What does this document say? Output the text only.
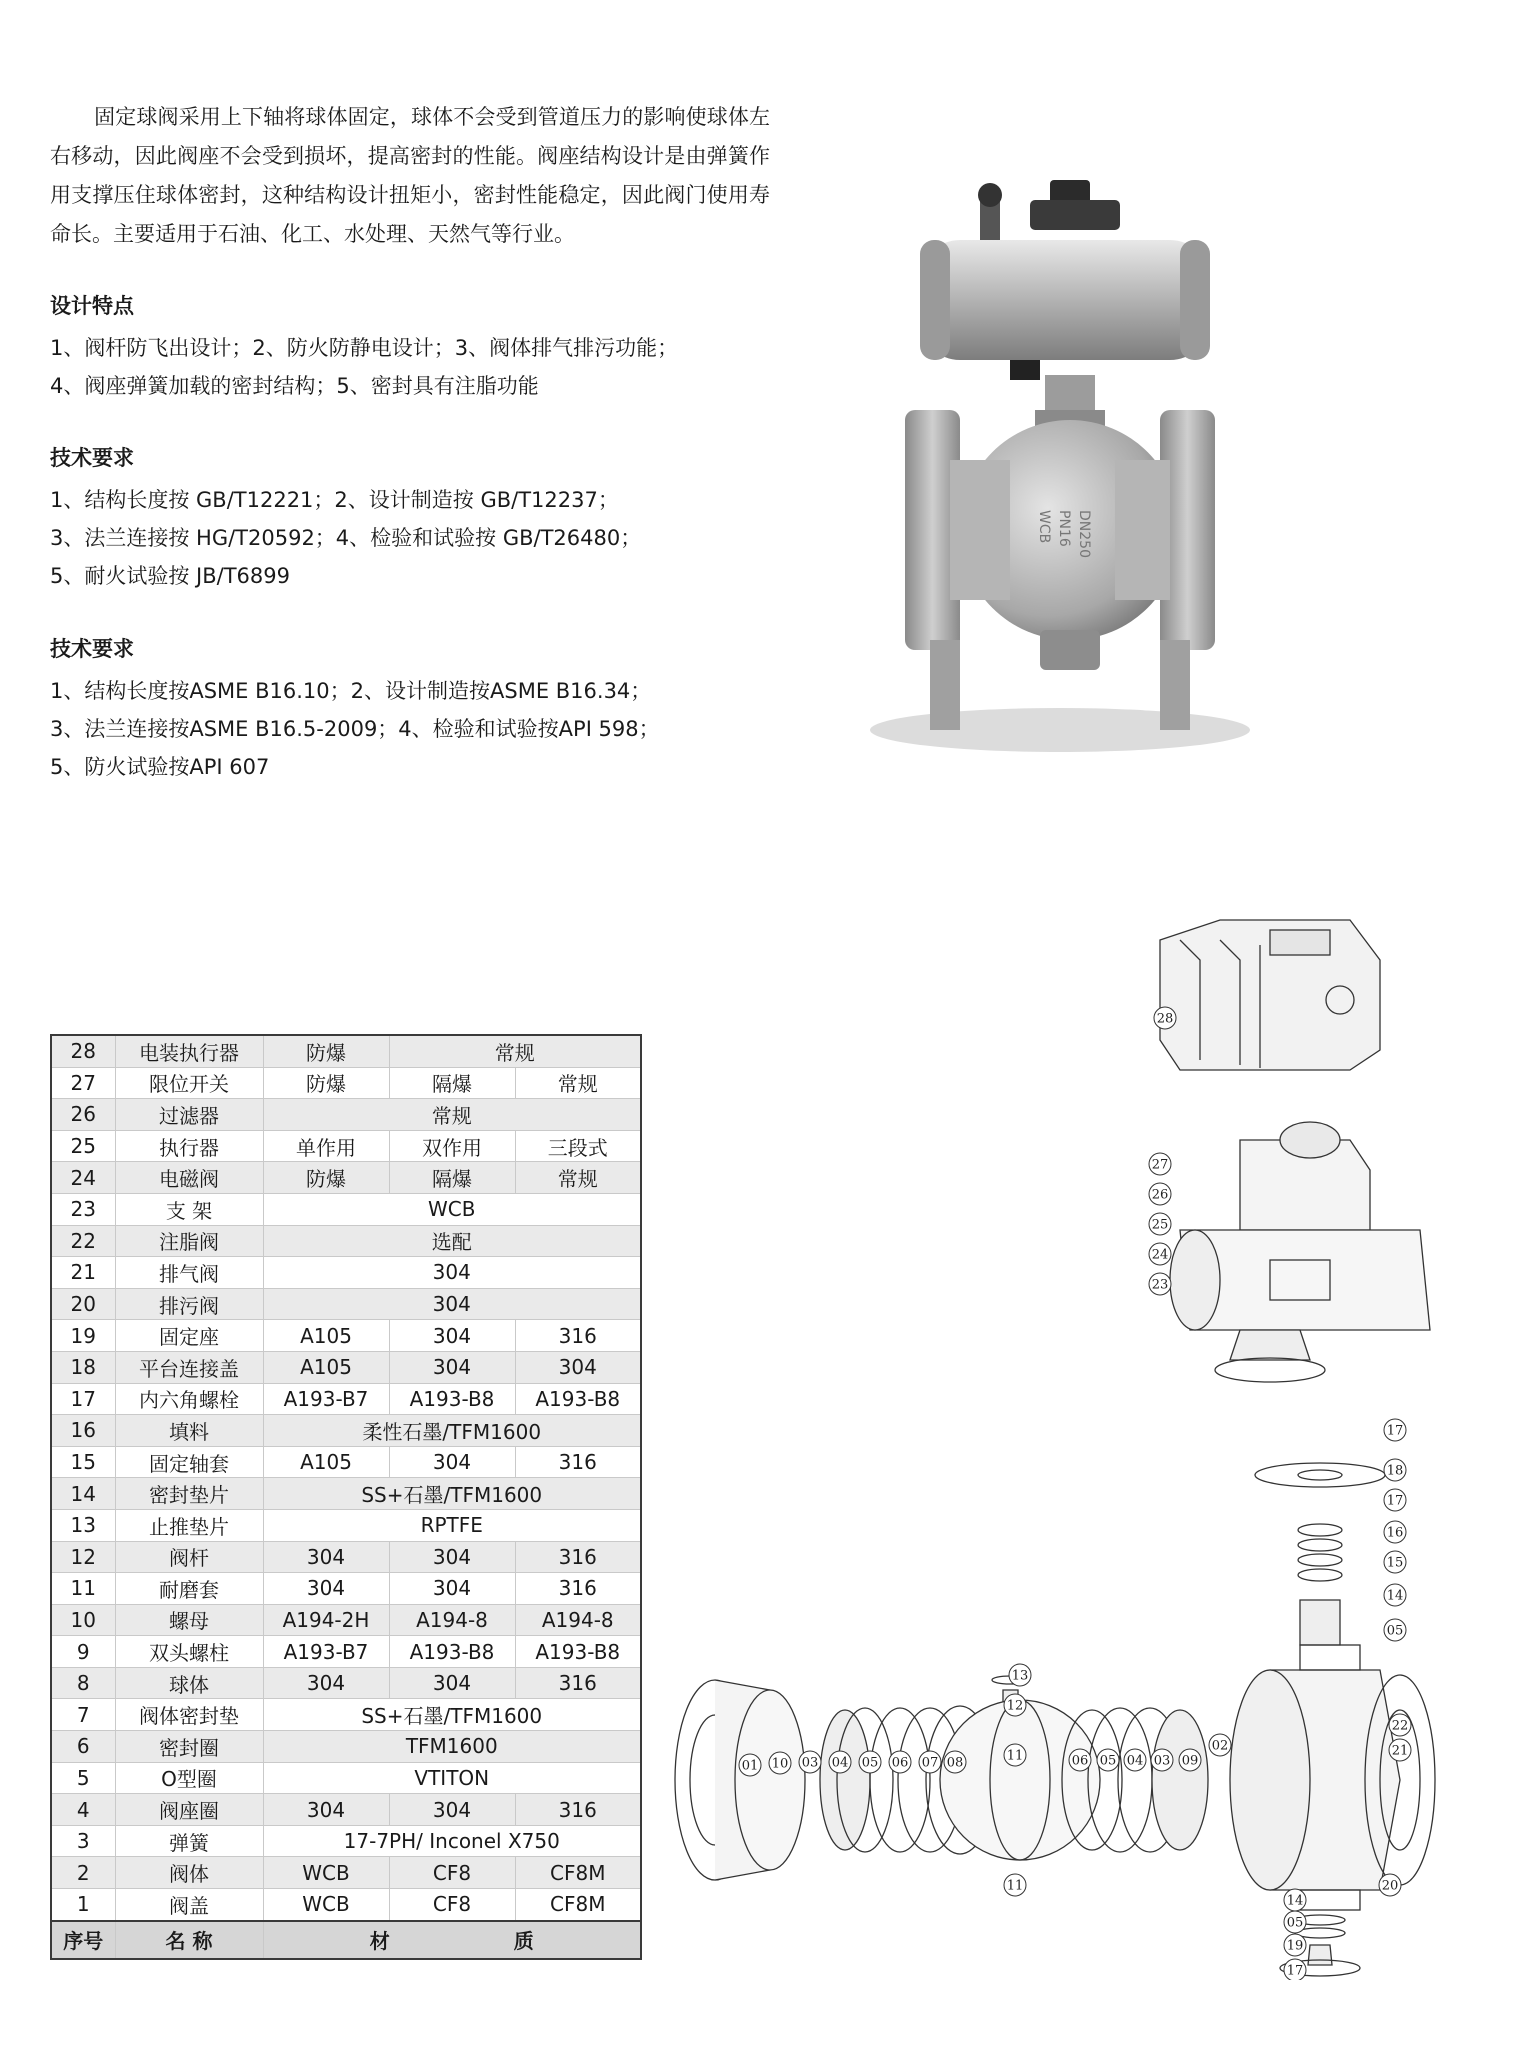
固定球阀采用上下轴将球体固定，球体不会受到管道压力的影响使球体左右移动，因此阀座不会受到损坏，提高密封的性能。阀座结构设计是由弹簧作用支撑压住球体密封，这种结构设计扭矩小，密封性能稳定，因此阀门使用寿命长。主要适用于石油、化工、水处理、天然气等行业。
设计特点
1、阀杆防飞出设计；2、防火防静电设计；3、阀体排气排污功能；
4、阀座弹簧加载的密封结构；5、密封具有注脂功能
技术要求
1、结构长度按 GB/T12221；2、设计制造按 GB/T12237；
3、法兰连接按 HG/T20592；4、检验和试验按 GB/T26480；
5、耐火试验按 JB/T6899
技术要求
1、结构长度按ASME B16.10；2、设计制造按ASME B16.34；
3、法兰连接按ASME B16.5-2009；4、检验和试验按API 598；
5、防火试验按API 607
DN250
PN16
WCB
28	电装执行器	防爆	常规	
27	限位开关	防爆	隔爆	常规
26	过滤器	常规		
25	执行器	单作用	双作用	三段式
24	电磁阀	防爆	隔爆	常规
23	支 架	WCB		
22	注脂阀	选配		
21	排气阀	304		
20	排污阀	304		
19	固定座	A105	304	316
18	平台连接盖	A105	304	304
17	内六角螺栓	A193-B7	A193-B8	A193-B8
16	填料	柔性石墨/TFM1600		
15	固定轴套	A105	304	316
14	密封垫片	SS+石墨/TFM1600		
13	止推垫片	RPTFE		
12	阀杆	304	304	316
11	耐磨套	304	304	316
10	螺母	A194-2H	A194-8	A194-8
9	双头螺柱	A193-B7	A193-B8	A193-B8
8	球体	304	304	316
7	阀体密封垫	SS+石墨/TFM1600		
6	密封圈	TFM1600		
5	O型圈	VTITON		
4	阀座圈	304	304	316
3	弹簧	17-7PH/ Inconel X750		
2	阀体	WCB	CF8	CF8M
1	阀盖	WCB	CF8	CF8M
序号	名 称	材 质		
28
27
26
25
24
23
17
18
17
16
15
14
05
13
12
11
22
21
01 10 03 04 05 06 07 08	06 05 04 03 09
02
11	20
14
05
19
17
